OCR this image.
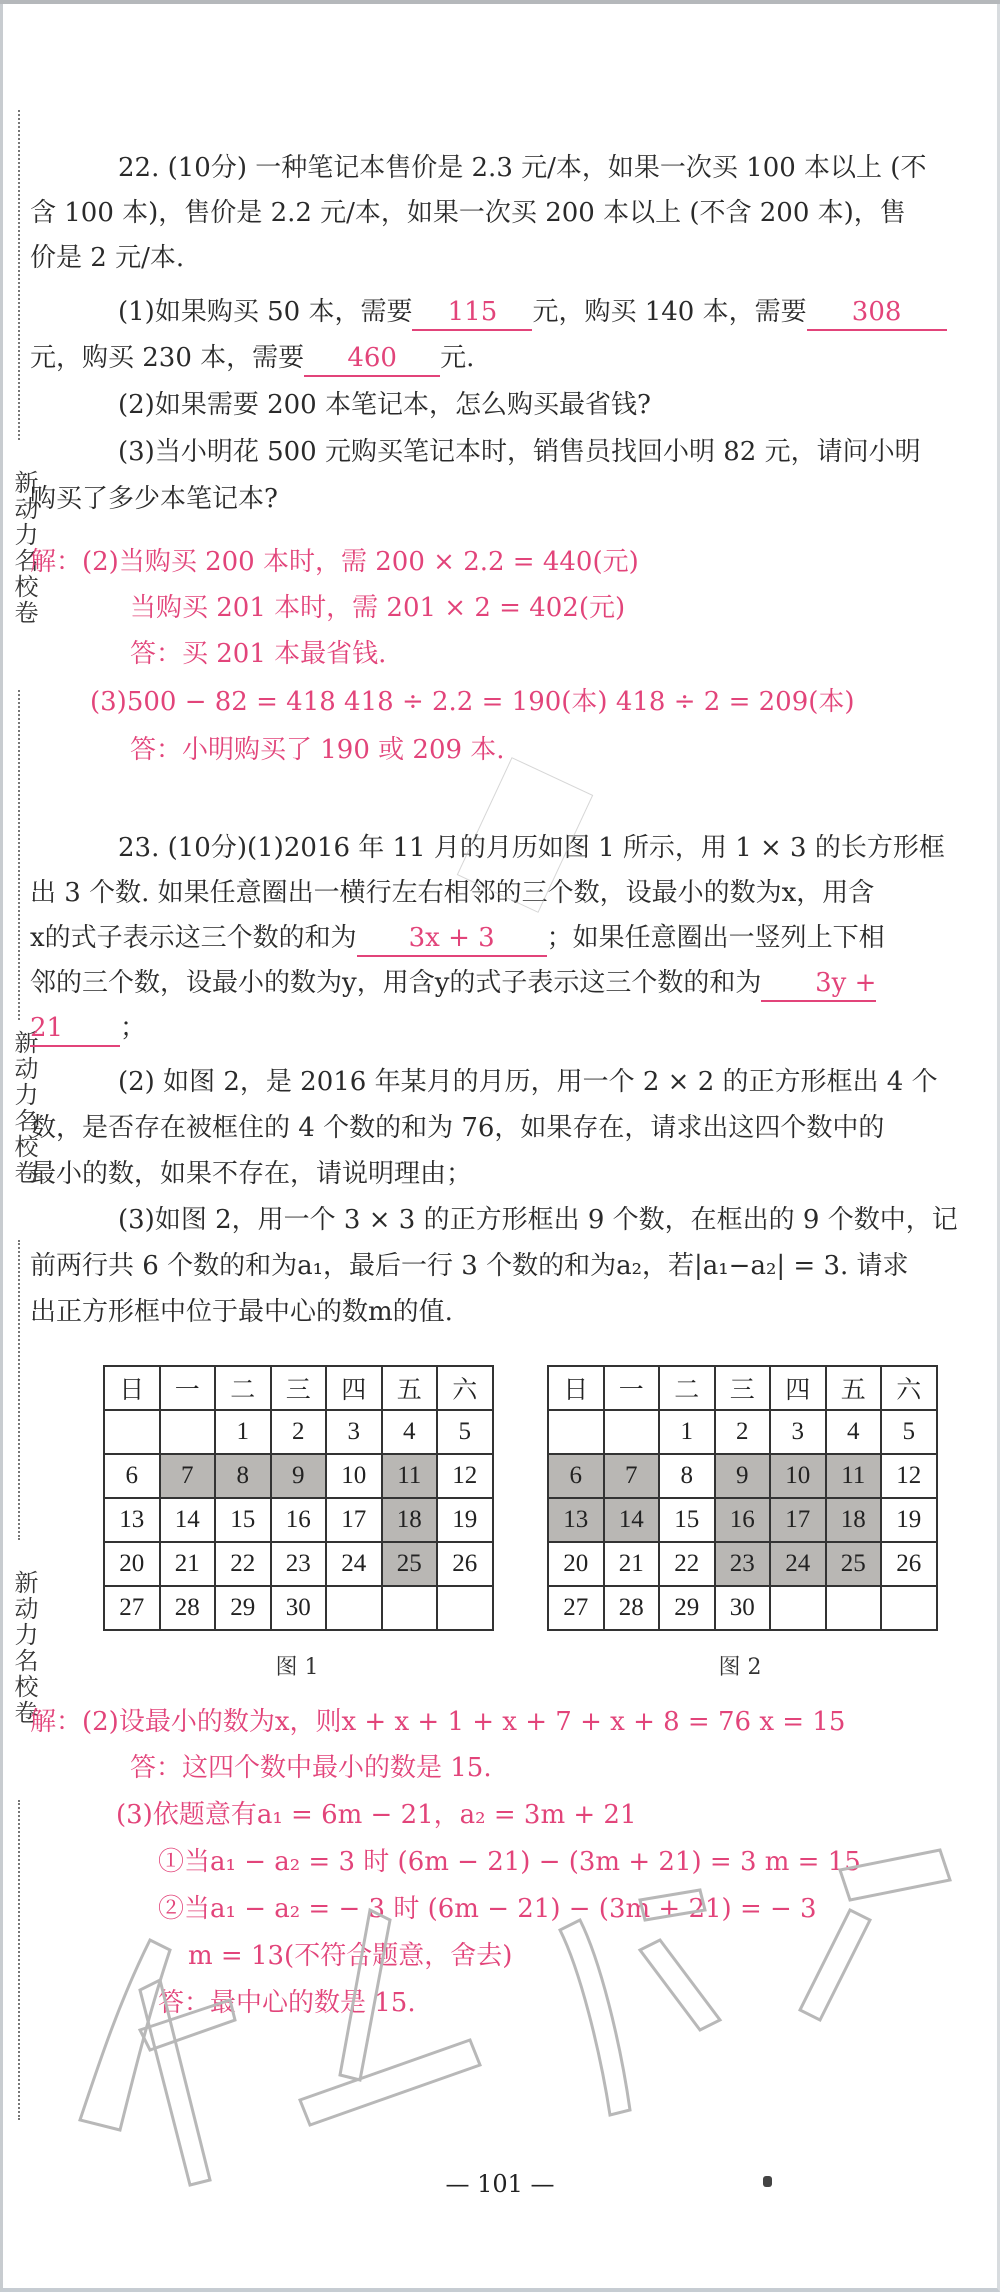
新动力名校卷
新动力名校卷
新动力名校卷
22. (10分) 一种笔记本售价是 2.3 元/本，如果一次买 100 本以上 (不
含 100 本)，售价是 2.2 元/本，如果一次买 200 本以上 (不含 200 本)，售
价是 2 元/本.
(1)如果购买 50 本，需要 115 元，购买 140 本，需要 308
元，购买 230 本，需要 460 元.
(2)如果需要 200 本笔记本，怎么购买最省钱?
(3)当小明花 500 元购买笔记本时，销售员找回小明 82 元，请问小明
购买了多少本笔记本?
解：(2)当购买 200 本时，需 200 × 2.2 = 440(元)
当购买 201 本时，需 201 × 2 = 402(元)
答：买 201 本最省钱.
(3)500 − 82 = 418 418 ÷ 2.2 = 190(本) 418 ÷ 2 = 209(本)
答：小明购买了 190 或 209 本.
23. (10分)(1)2016 年 11 月的月历如图 1 所示，用 1 × 3 的长方形框
出 3 个数. 如果任意圈出一横行左右相邻的三个数，设最小的数为x，用含
x的式子表示这三个数的和为 3x + 3 ；如果任意圈出一竖列上下相
邻的三个数，设最小的数为y，用含y的式子表示这三个数的和为 3y +
21 ；
(2) 如图 2，是 2016 年某月的月历，用一个 2 × 2 的正方形框出 4 个
数，是否存在被框住的 4 个数的和为 76，如果存在，请求出这四个数中的
最小的数，如果不存在，请说明理由；
(3)如图 2，用一个 3 × 3 的正方形框出 9 个数，在框出的 9 个数中，记
前两行共 6 个数的和为a₁，最后一行 3 个数的和为a₂，若|a₁−a₂| = 3. 请求
出正方形框中位于最中心的数m的值.
日	一	二	三	四	五	六
		1	2	3	4	5
6	7	8	9	10	11	12
13	14	15	16	17	18	19
20	21	22	23	24	25	26
27	28	29	30			
图 1
日	一	二	三	四	五	六
		1	2	3	4	5
6	7	8	9	10	11	12
13	14	15	16	17	18	19
20	21	22	23	24	25	26
27	28	29	30			
图 2
解：(2)设最小的数为x，则x + x + 1 + x + 7 + x + 8 = 76 x = 15
答：这四个数中最小的数是 15.
(3)依题意有a₁ = 6m − 21，a₂ = 3m + 21
①当a₁ − a₂ = 3 时 (6m − 21) − (3m + 21) = 3 m = 15
②当a₁ − a₂ = − 3 时 (6m − 21) − (3m + 21) = − 3
m = 13(不符合题意，舍去)
答：最中心的数是 15.
作业精灵
— 101 —
